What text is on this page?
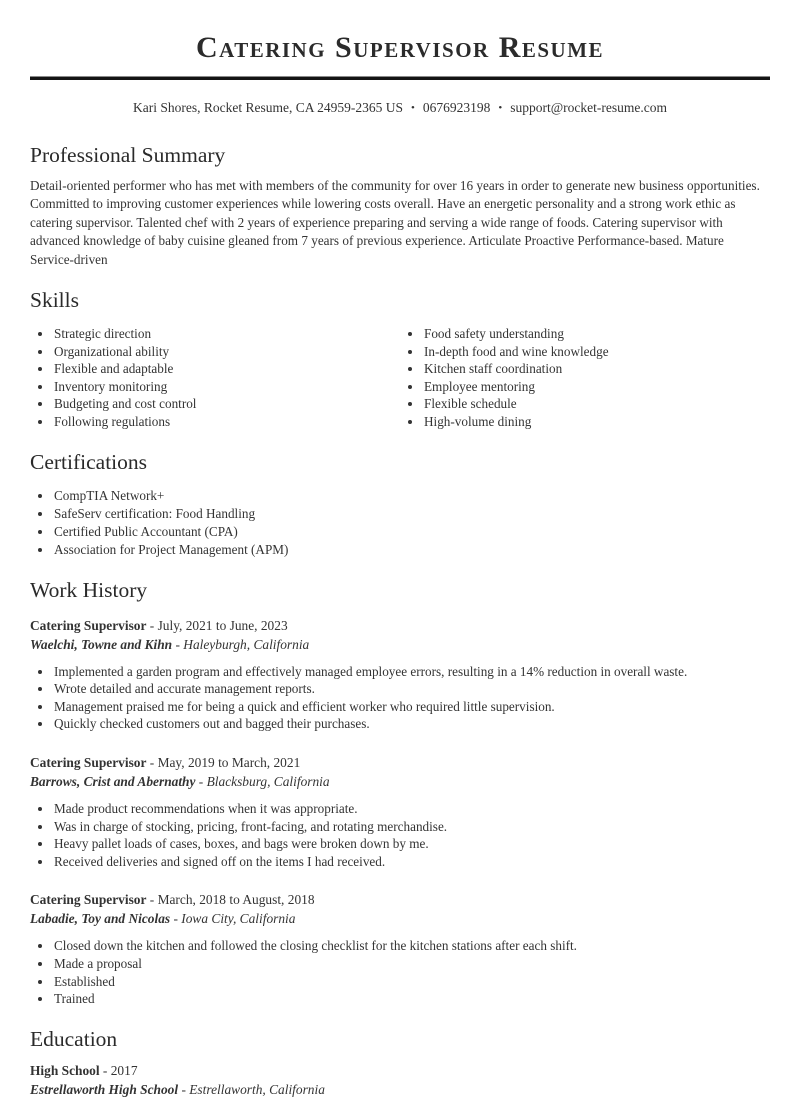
Catering Supervisor Resume
Kari Shores, Rocket Resume, CA 24959-2365 US • 0676923198 • support@rocket-resume.com
Professional Summary

Detail-oriented performer who has met with members of the community for over 16 years in order to generate new business opportunities. Committed to improving customer experiences while lowering costs overall. Have an energetic personality and a strong work ethic as catering supervisor. Talented chef with 2 years of experience preparing and serving a wide range of foods. Catering supervisor with advanced knowledge of baby cuisine gleaned from 7 years of previous experience. Articulate Proactive Performance-based. Mature Service-driven

Skills
• Strategic direction
• Organizational ability
• Flexible and adaptable
• Inventory monitoring
• Budgeting and cost control
• Following regulations
• Food safety understanding
• In-depth food and wine knowledge
• Kitchen staff coordination
• Employee mentoring
• Flexible schedule
• High-volume dining
Certifications
• CompTIA Network+
• SafeServ certification: Food Handling
• Certified Public Accountant (CPA)
• Association for Project Management (APM)
Work History

Catering Supervisor - July, 2021 to June, 2023

Waelchi, Towne and Kihn - Haleyburgh, California

• Implemented a garden program and effectively managed employee errors, resulting in a 14% reduction in overall waste.
• Wrote detailed and accurate management reports.
• Management praised me for being a quick and efficient worker who required little supervision.
• Quickly checked customers out and bagged their purchases.

Catering Supervisor - May, 2019 to March, 2021

Barrows, Crist and Abernathy - Blacksburg, California

• Made product recommendations when it was appropriate.
• Was in charge of stocking, pricing, front-facing, and rotating merchandise.
• Heavy pallet loads of cases, boxes, and bags were broken down by me.
• Received deliveries and signed off on the items I had received.

Catering Supervisor - March, 2018 to August, 2018

Labadie, Toy and Nicolas - Iowa City, California

• Closed down the kitchen and followed the closing checklist for the kitchen stations after each shift.
• Made a proposal
• Established
• Trained
Education

High School - 2017

Estrellaworth High School - Estrellaworth, California
